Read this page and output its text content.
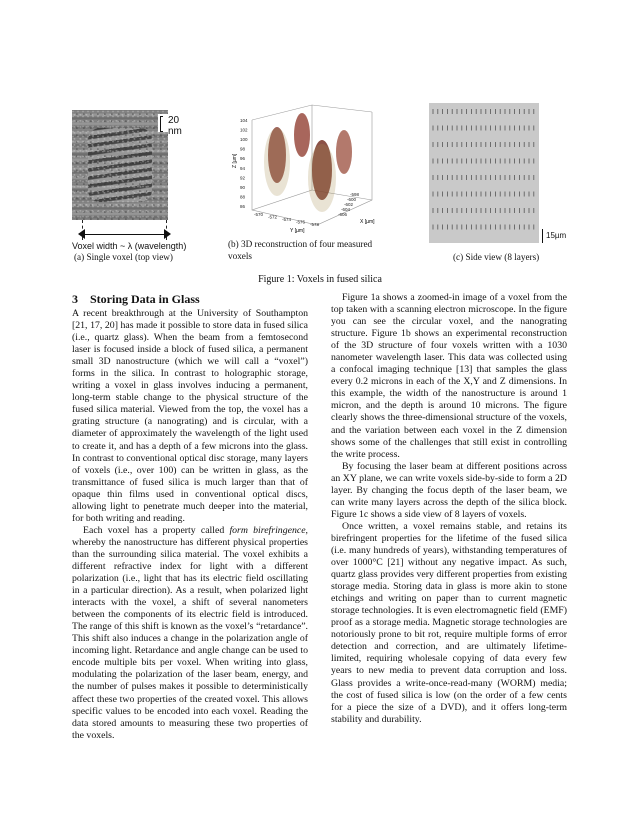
20 nm
Voxel width ~ λ (wavelength)
(a) Single voxel (top view)
104
102
100
98
96
94
92
90
88
86
-570 -572 -574 -576 -578
-598
-600
-602
-604
-606
Z [µm]
Y [µm]
X [µm]
(b) 3D reconstruction of four measured
voxels
15µm
(c) Side view (8 layers)
Figure 1: Voxels in fused silica
3 Storing Data in Glass

A recent breakthrough at the University of Southampton [21, 17, 20] has made it possible to store data in fused silica (i.e., quartz glass). When the beam from a femtosecond laser is focused inside a block of fused silica, a permanent small 3D nanostructure (which we will call a “voxel”) forms in the silica. In contrast to holographic storage, writing a voxel in glass involves inducing a permanent, long-term stable change to the physical structure of the fused silica material. Viewed from the top, the voxel has a grating structure (a nanograting) and is circular, with a diameter of approximately the wavelength of the light used to create it, and has a depth of a few microns into the glass. In contrast to conventional optical disc storage, many layers of voxels (i.e., over 100) can be written in glass, as the transmittance of fused silica is much larger than that of opaque thin films used in conventional optical discs, allowing light to penetrate much deeper into the material, for both writing and reading.

Each voxel has a property called form birefringence, whereby the nanostructure has different physical properties than the surrounding silica material. The voxel exhibits a different refractive index for light with a different polarization (i.e., light that has its electric field oscillating in a particular direction). As a result, when polarized light interacts with the voxel, a shift of several nanometers between the components of its electric field is introduced. The range of this shift is known as the voxel’s “retardance”. This shift also induces a change in the polarization angle of incoming light. Retardance and angle change can be used to encode multiple bits per voxel. When writing into glass, modulating the polarization of the laser beam, energy, and the number of pulses makes it possible to deterministically affect these two properties of the created voxel. This allows specific values to be encoded into each voxel. Reading the data stored amounts to measuring these two properties of the voxels.

Figure 1a shows a zoomed-in image of a voxel from the top taken with a scanning electron microscope. In the figure you can see the circular voxel, and the nanograting structure. Figure 1b shows an experimental reconstruction of the 3D structure of four voxels written with a 1030 nanometer wavelength laser. This data was collected using a confocal imaging technique [13] that samples the glass every 0.2 microns in each of the X,Y and Z dimensions. In this example, the width of the nanostructure is around 1 micron, and the depth is around 10 microns. The figure clearly shows the three-dimensional structure of the voxels, and the variation between each voxel in the Z dimension shows some of the challenges that still exist in controlling the write process.

By focusing the laser beam at different positions across an XY plane, we can write voxels side-by-side to form a 2D layer. By changing the focus depth of the laser beam, we can write many layers across the depth of the silica block. Figure 1c shows a side view of 8 layers of voxels.

Once written, a voxel remains stable, and retains its birefringent properties for the lifetime of the fused silica (i.e. many hundreds of years), withstanding temperatures of over 1000°C [21] without any negative impact. As such, quartz glass provides very different properties from existing storage media. Storing data in glass is more akin to stone etchings and writing on paper than to current magnetic storage technologies. It is even electromagnetic field (EMF) proof as a storage media. Magnetic storage technologies are notoriously prone to bit rot, require multiple forms of error detection and correction, and are ultimately lifetime-limited, requiring wholesale copying of data every few years to new media to prevent data corruption and loss. Glass provides a write-once-read-many (WORM) media; the cost of fused silica is low (on the order of a few cents for a piece the size of a DVD), and it offers long-term stability and durability.
